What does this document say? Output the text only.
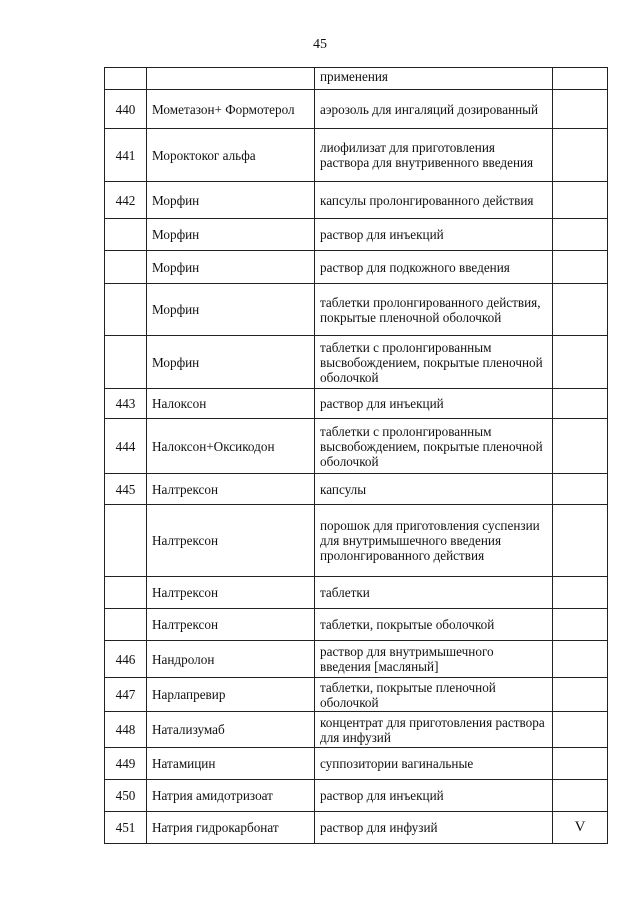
45
		применения	
440	Мометазон+ Формотерол	аэрозоль для ингаляций дозированный	
441	Мороктоког альфа	лиофилизат для приготовления раствора для внутривенного введения	
442	Морфин	капсулы пролонгированного действия	
	Морфин	раствор для инъекций	
	Морфин	раствор для подкожного введения	
	Морфин	таблетки пролонгированного действия, покрытые пленочной оболочкой	
	Морфин	таблетки с пролонгированным высвобождением, покрытые пленочной оболочкой	
443	Налоксон	раствор для инъекций	
444	Налоксон+Оксикодон	таблетки с пролонгированным высвобождением, покрытые пленочной оболочкой	
445	Налтрексон	капсулы	
	Налтрексон	порошок для приготовления суспензии для внутримышечного введения пролонгированного действия	
	Налтрексон	таблетки	
	Налтрексон	таблетки, покрытые оболочкой	
446	Нандролон	раствор для внутримышечного введения [масляный]	
447	Нарлапревир	таблетки, покрытые пленочной оболочкой	
448	Натализумаб	концентрат для приготовления раствора для инфузий	
449	Натамицин	суппозитории вагинальные	
450	Натрия амидотризоат	раствор для инъекций	
451	Натрия гидрокарбонат	раствор для инфузий	V
